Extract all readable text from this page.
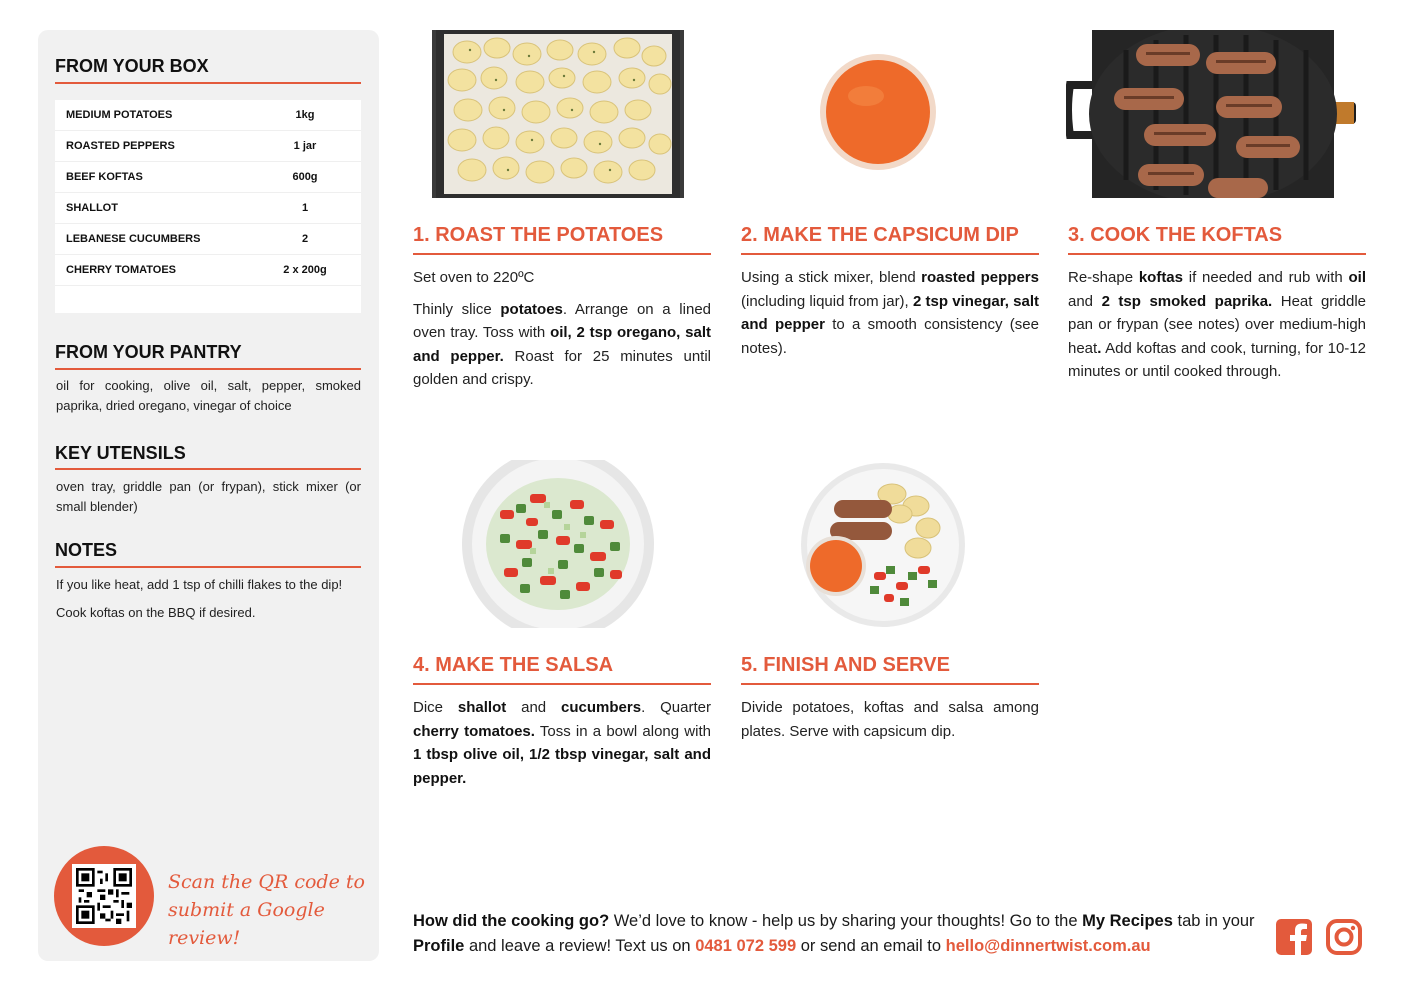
FROM YOUR BOX
MEDIUM POTATOES	1kg
ROASTED PEPPERS	1 jar
BEEF KOFTAS	600g
SHALLOT	1
LEBANESE CUCUMBERS	2
CHERRY TOMATOES	2 x 200g
FROM YOUR PANTRY
oil for cooking, olive oil, salt, pepper, smoked paprika, dried oregano, vinegar of choice
KEY UTENSILS
oven tray, griddle pan (or frypan), stick mixer (or small blender)
NOTES
If you like heat, add 1 tsp of chilli flakes to the dip!
Cook koftas on the BBQ if desired.
Scan the QR code to
submit a Google review!
1. ROAST THE POTATOES	2. MAKE THE CAPSICUM DIP 3. COOK THE KOFTAS
4. MAKE THE SALSA	5. FINISH AND SERVE

Set oven to 220ºC

Thinly slice potatoes. Arrange on a lined oven tray. Toss with oil, 2 tsp oregano, salt and pepper. Roast for 25 minutes until golden and crispy.

Using a stick mixer, blend roasted peppers (including liquid from jar), 2 tsp vinegar, salt and pepper to a smooth consistency (see notes).

Re-shape koftas if needed and rub with oil and 2 tsp smoked paprika. Heat griddle pan or frypan (see notes) over medium-high heat. Add koftas and cook, turning, for 10-12 minutes or until cooked through.

Dice shallot and cucumbers. Quarter cherry tomatoes. Toss in a bowl along with 1 tbsp olive oil, 1/2 tbsp vinegar, salt and pepper.

Divide potatoes, koftas and salsa among plates. Serve with capsicum dip.

How did the cooking go? We’d love to know - help us by sharing your thoughts! Go to the My Recipes tab in your Profile and leave a review! Text us on 0481 072 599 or send an email to hello@dinnertwist.com.au
